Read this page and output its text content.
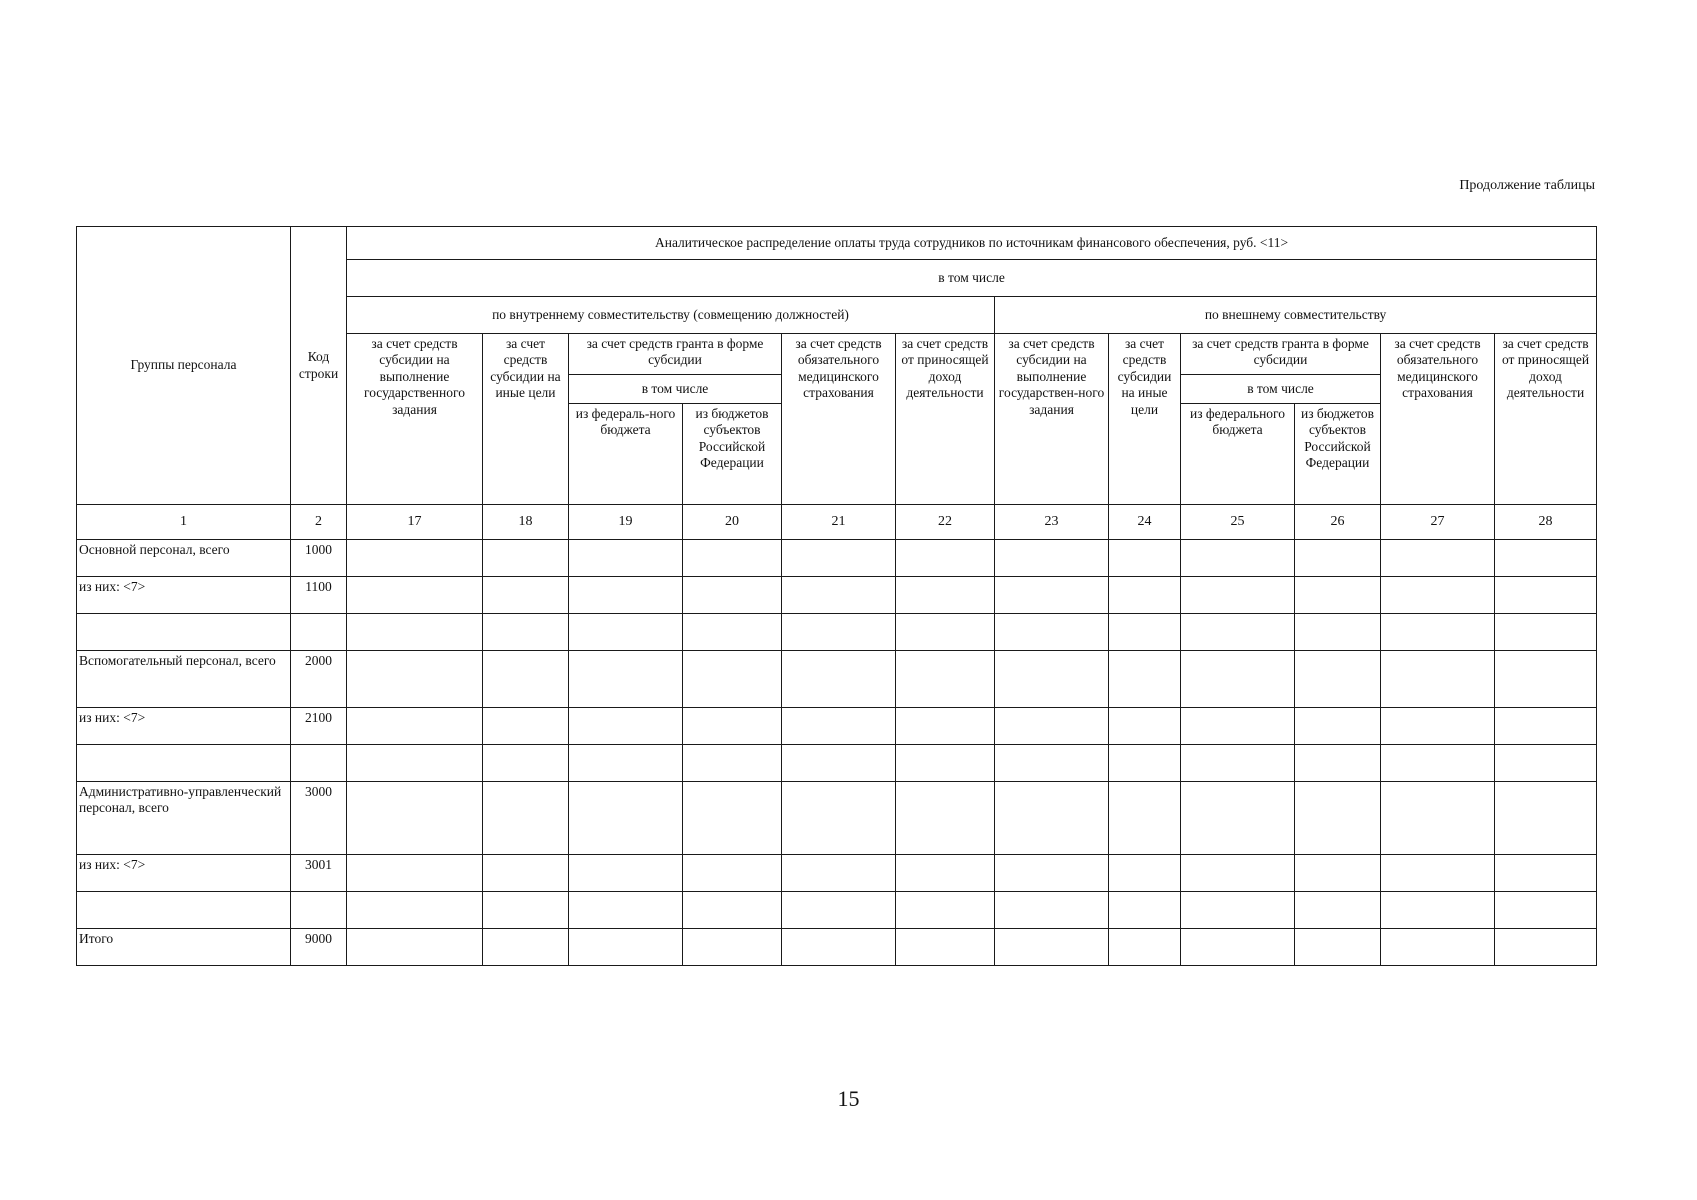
Продолжение таблицы
Группы персонала	Код строки	Аналитическое распределение оплаты труда сотрудников по источникам финансового обеспечения, руб. <11>											
		в том числе											
		по внутреннему совместительству (совмещению должностей)						по внешнему совместительству					
		за счет средств субсидии на выполнение государственного задания	за счет средств субсидии на иные цели	за счет средств гранта в форме субсидии		за счет средств обязательного медицинского страхования	за счет средств от приносящей доход деятельности	за счет средств субсидии на выполнение государствен-ного задания	за счет средств субсидии на иные цели	за счет средств гранта в форме субсидии		за счет средств обязательного медицинского страхования	за счет средств от приносящей доход деятельности
				в том числе						в том числе			
				из федераль-ного бюджета	из бюджетов субъектов Российской Федерации					из федерального бюджета	из бюджетов субъектов Российской Федерации		
1	2	17	18	19	20	21	22	23	24	25	26	27	28
Основной персонал, всего	1000												
из них: <7>	1100												

Вспомогательный персонал, всего	2000												
из них: <7>	2100												

Административно-управленческий персонал, всего	3000												
из них: <7>	3001												

Итого	9000												
15
